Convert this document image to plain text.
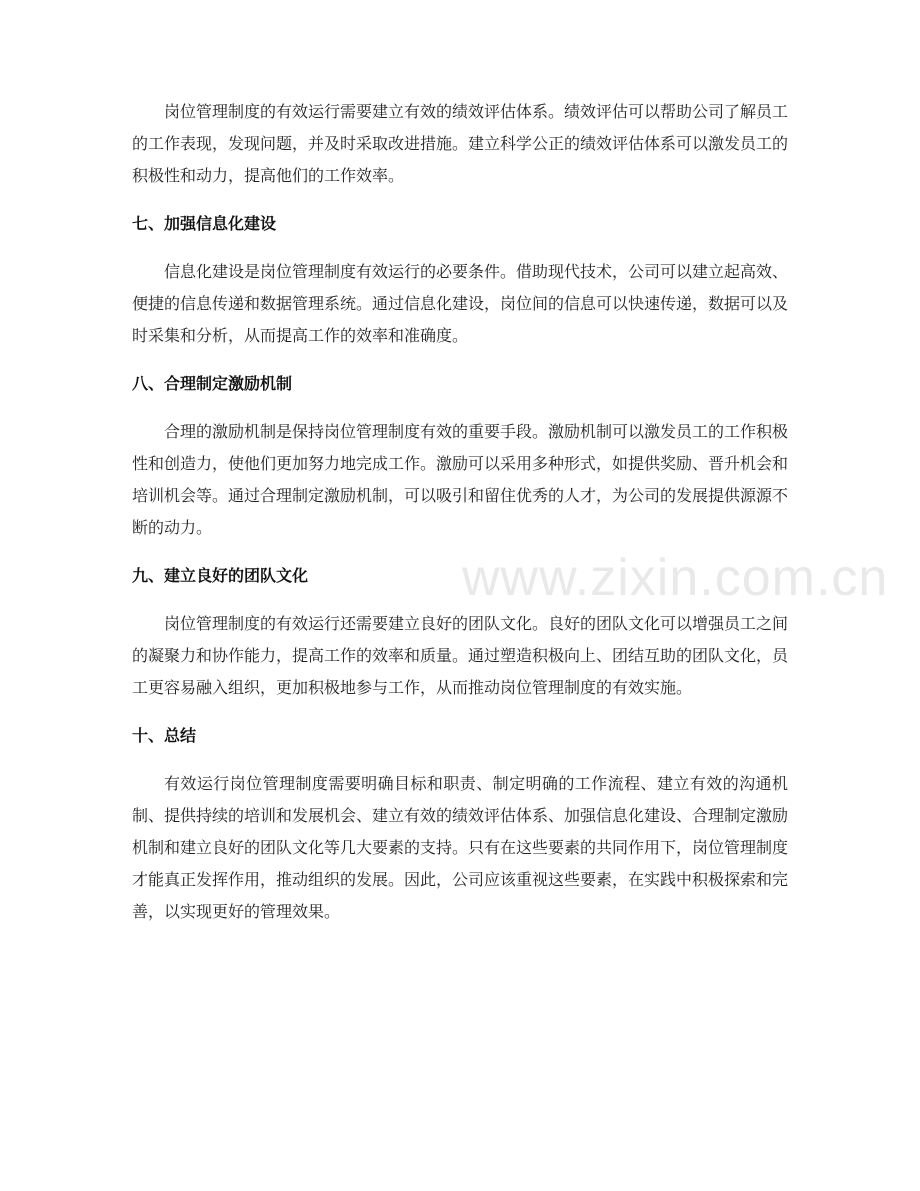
www.zixin.com.cn

岗位管理制度的有效运行需要建立有效的绩效评估体系。绩效评估可以帮助公司了解员工的工作表现，发现问题，并及时采取改进措施。建立科学公正的绩效评估体系可以激发员工的积极性和动力，提高他们的工作效率。

七、加强信息化建设

信息化建设是岗位管理制度有效运行的必要条件。借助现代技术，公司可以建立起高效、便捷的信息传递和数据管理系统。通过信息化建设，岗位间的信息可以快速传递，数据可以及时采集和分析，从而提高工作的效率和准确度。

八、合理制定激励机制

合理的激励机制是保持岗位管理制度有效的重要手段。激励机制可以激发员工的工作积极性和创造力，使他们更加努力地完成工作。激励可以采用多种形式，如提供奖励、晋升机会和培训机会等。通过合理制定激励机制，可以吸引和留住优秀的人才，为公司的发展提供源源不断的动力。

九、建立良好的团队文化

岗位管理制度的有效运行还需要建立良好的团队文化。良好的团队文化可以增强员工之间的凝聚力和协作能力，提高工作的效率和质量。通过塑造积极向上、团结互助的团队文化，员工更容易融入组织，更加积极地参与工作，从而推动岗位管理制度的有效实施。

十、总结

有效运行岗位管理制度需要明确目标和职责、制定明确的工作流程、建立有效的沟通机制、提供持续的培训和发展机会、建立有效的绩效评估体系、加强信息化建设、合理制定激励机制和建立良好的团队文化等几大要素的支持。只有在这些要素的共同作用下，岗位管理制度才能真正发挥作用，推动组织的发展。因此，公司应该重视这些要素，在实践中积极探索和完善，以实现更好的管理效果。
